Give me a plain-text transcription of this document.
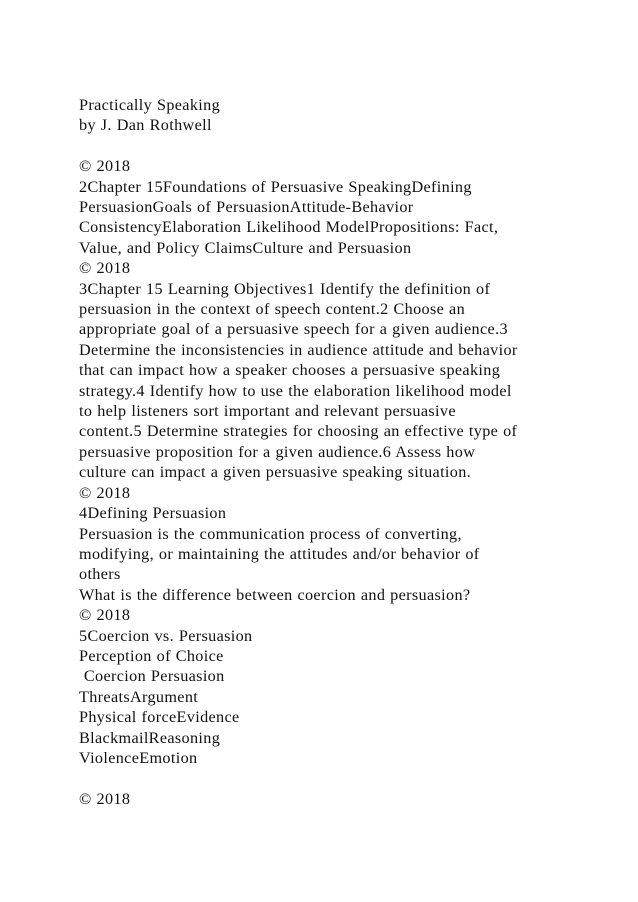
Practically Speaking
by J. Dan Rothwell
© 2018
2Chapter 15Foundations of Persuasive SpeakingDefining
PersuasionGoals of PersuasionAttitude-Behavior
ConsistencyElaboration Likelihood ModelPropositions: Fact,
Value, and Policy ClaimsCulture and Persuasion
© 2018
3Chapter 15 Learning Objectives1 Identify the definition of
persuasion in the context of speech content.2 Choose an
appropriate goal of a persuasive speech for a given audience.3
Determine the inconsistencies in audience attitude and behavior
that can impact how a speaker chooses a persuasive speaking
strategy.4 Identify how to use the elaboration likelihood model
to help listeners sort important and relevant persuasive
content.5 Determine strategies for choosing an effective type of
persuasive proposition for a given audience.6 Assess how
culture can impact a given persuasive speaking situation.
© 2018
4Defining Persuasion
Persuasion is the communication process of converting,
modifying, or maintaining the attitudes and/or behavior of
others
What is the difference between coercion and persuasion?
© 2018
5Coercion vs. Persuasion
Perception of Choice
Coercion Persuasion
ThreatsArgument
Physical forceEvidence
BlackmailReasoning
ViolenceEmotion
© 2018
